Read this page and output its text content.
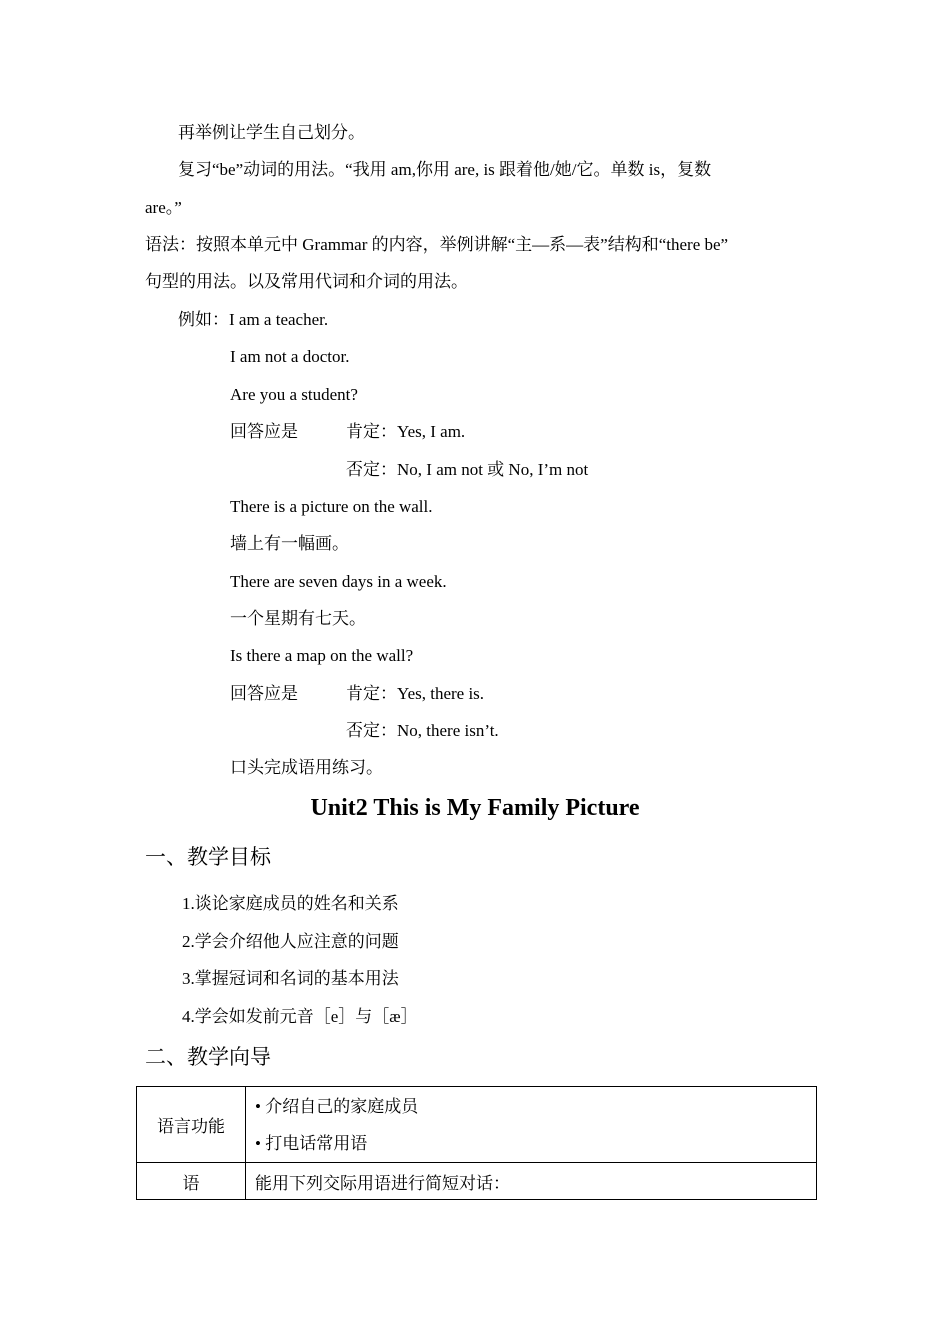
再举例让学生自己划分。
复习“be”动词的用法。“我用 am,你用 are, is 跟着他/她/它。单数 is，复数
are。”
语法：按照本单元中 Grammar 的内容，举例讲解“主—系—表”结构和“there be”
句型的用法。以及常用代词和介词的用法。
例如：I am a teacher.
I am not a doctor.
Are you a student?
回答应是	肯定：Yes, I am.
否定：No, I am not 或 No, I’m not
There is a picture on the wall.
墙上有一幅画。
There are seven days in a week.
一个星期有七天。
Is there a map on the wall?
回答应是	肯定：Yes, there is.
否定：No, there isn’t.
口头完成语用练习。
Unit2 This is My Family Picture
一、教学目标
1.谈论家庭成员的姓名和关系
2.学会介绍他人应注意的问题
3.掌握冠词和名词的基本用法
4.学会如发前元音［e］与［æ］
二、教学向导
语言功能	• 介绍自己的家庭成员
• 打电话常用语

语	能用下列交际用语进行简短对话：
